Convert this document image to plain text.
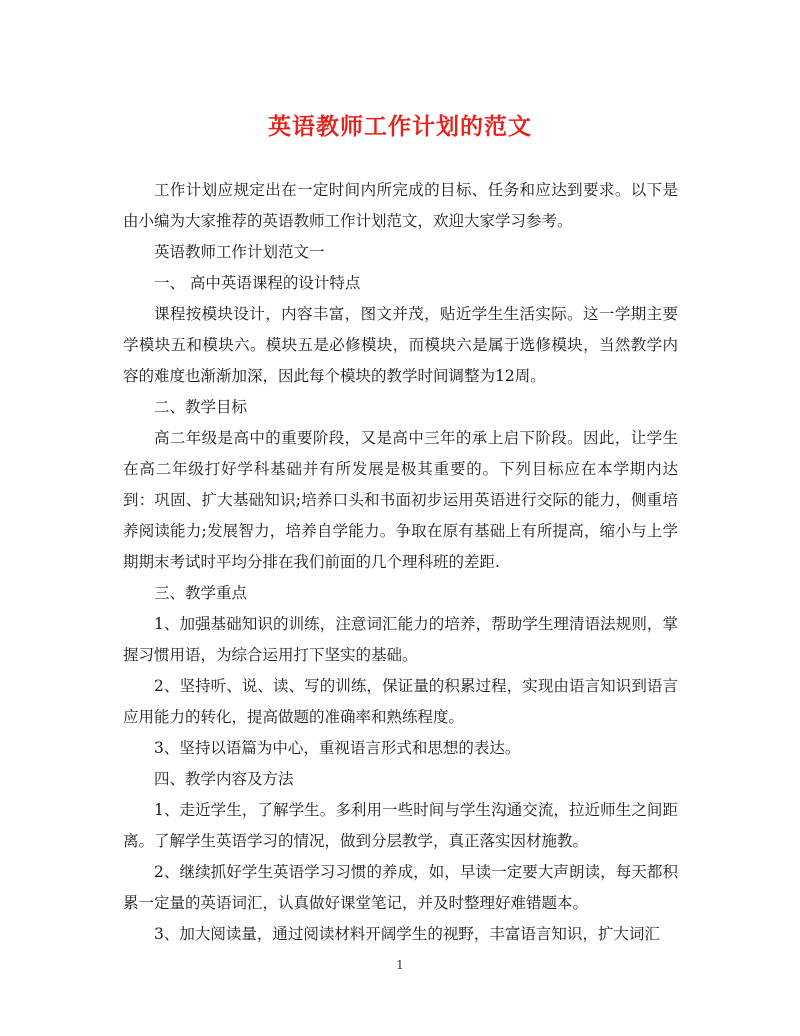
英语教师工作计划的范文

工作计划应规定出在一定时间内所完成的目标、任务和应达到要求。以下是由小编为大家推荐的英语教师工作计划范文，欢迎大家学习参考。

英语教师工作计划范文一

一、 高中英语课程的设计特点

课程按模块设计，内容丰富，图文并茂，贴近学生生活实际。这一学期主要学模块五和模块六。模块五是必修模块，而模块六是属于选修模块，当然教学内容的难度也渐渐加深，因此每个模块的教学时间调整为12周。

二、教学目标

高二年级是高中的重要阶段，又是高中三年的承上启下阶段。因此，让学生在高二年级打好学科基础并有所发展是极其重要的。下列目标应在本学期内达到：巩固、扩大基础知识;培养口头和书面初步运用英语进行交际的能力，侧重培养阅读能力;发展智力，培养自学能力。争取在原有基础上有所提高，缩小与上学期期末考试时平均分排在我们前面的几个理科班的差距.

三、教学重点

1、加强基础知识的训练，注意词汇能力的培养，帮助学生理清语法规则，掌握习惯用语，为综合运用打下坚实的基础。

2、坚持听、说、读、写的训练，保证量的积累过程，实现由语言知识到语言应用能力的转化，提高做题的准确率和熟练程度。

3、坚持以语篇为中心，重视语言形式和思想的表达。

四、教学内容及方法

1、走近学生，了解学生。多利用一些时间与学生沟通交流，拉近师生之间距离。了解学生英语学习的情况，做到分层教学，真正落实因材施教。

2、继续抓好学生英语学习习惯的养成，如，早读一定要大声朗读，每天都积累一定量的英语词汇，认真做好课堂笔记，并及时整理好难错题本。

3、加大阅读量，通过阅读材料开阔学生的视野，丰富语言知识，扩大词汇

1
